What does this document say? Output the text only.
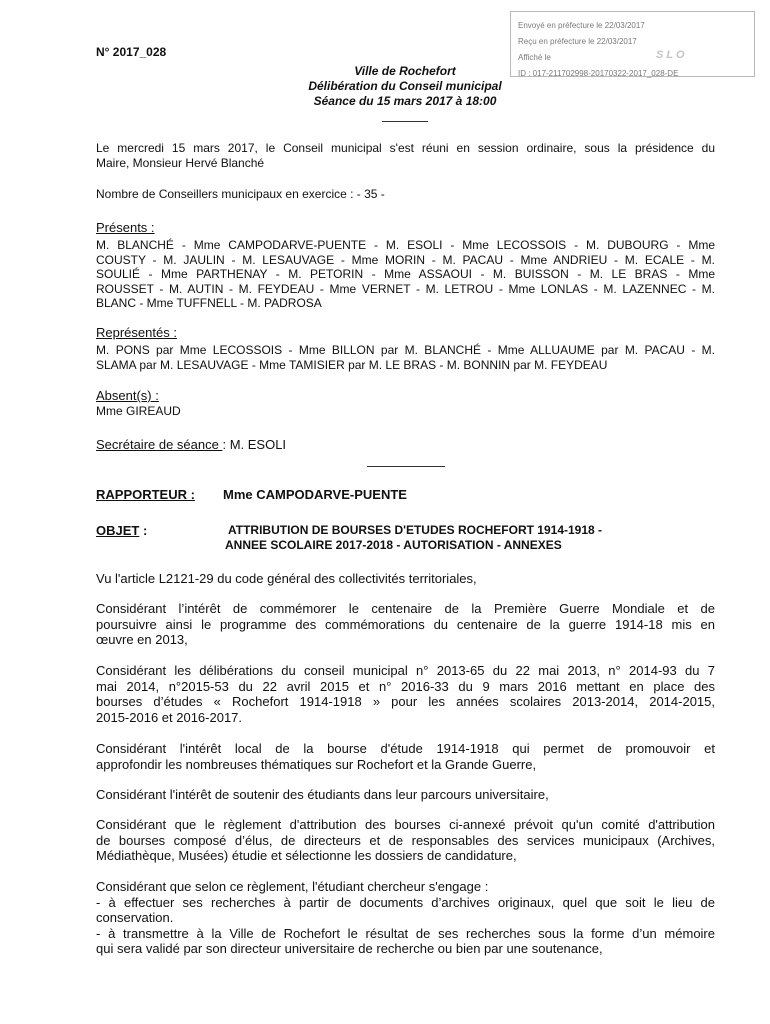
Envoyé en préfecture le 22/03/2017
Reçu en préfecture le 22/03/2017
Affiché le	SLO
ID : 017-211702998-20170322-2017_028-DE
N° 2017_028
Ville de Rochefort
Délibération du Conseil municipal
Séance du 15 mars 2017 à 18:00
Le mercredi 15 mars 2017, le Conseil municipal s'est réuni en session ordinaire, sous la présidence du
Maire, Monsieur Hervé Blanché
Nombre de Conseillers municipaux en exercice : - 35 -
Présents :
M. BLANCHÉ - Mme CAMPODARVE-PUENTE - M. ESOLI - Mme LECOSSOIS - M. DUBOURG - Mme
COUSTY - M. JAULIN - M. LESAUVAGE - Mme MORIN - M. PACAU - Mme ANDRIEU - M. ECALE - M.
SOULIÉ - Mme PARTHENAY - M. PETORIN - Mme ASSAOUI - M. BUISSON - M. LE BRAS - Mme
ROUSSET - M. AUTIN - M. FEYDEAU - Mme VERNET - M. LETROU - Mme LONLAS - M. LAZENNEC - M.
BLANC - Mme TUFFNELL - M. PADROSA
Représentés :
M. PONS par Mme LECOSSOIS - Mme BILLON par M. BLANCHÉ - Mme ALLUAUME par M. PACAU - M.
SLAMA par M. LESAUVAGE - Mme TAMISIER par M. LE BRAS - M. BONNIN par M. FEYDEAU
Absent(s) :
Mme GIREAUD
Secrétaire de séance : M. ESOLI
RAPPORTEUR : Mme CAMPODARVE-PUENTE
OBJET :	ATTRIBUTION DE BOURSES D'ETUDES ROCHEFORT 1914-1918 -
ANNEE SCOLAIRE 2017-2018 - AUTORISATION - ANNEXES
Vu l'article L2121-29 du code général des collectivités territoriales,
Considérant l’intérêt de commémorer le centenaire de la Première Guerre Mondiale et de
poursuivre ainsi le programme des commémorations du centenaire de la guerre 1914-18 mis en
œuvre en 2013,
Considérant les délibérations du conseil municipal n° 2013-65 du 22 mai 2013, n° 2014-93 du 7
mai 2014, n°2015-53 du 22 avril 2015 et n° 2016-33 du 9 mars 2016 mettant en place des
bourses d’études « Rochefort 1914-1918 » pour les années scolaires 2013-2014, 2014-2015,
2015-2016 et 2016-2017.
Considérant l'intérêt local de la bourse d'étude 1914-1918 qui permet de promouvoir et
approfondir les nombreuses thématiques sur Rochefort et la Grande Guerre,
Considérant l'intérêt de soutenir des étudiants dans leur parcours universitaire,
Considérant que le règlement d'attribution des bourses ci-annexé prévoit qu'un comité d'attribution
de bourses composé d’élus, de directeurs et de responsables des services municipaux (Archives,
Médiathèque, Musées) étudie et sélectionne les dossiers de candidature,
Considérant que selon ce règlement, l'étudiant chercheur s'engage :
- à effectuer ses recherches à partir de documents d’archives originaux, quel que soit le lieu de
conservation.
- à transmettre à la Ville de Rochefort le résultat de ses recherches sous la forme d’un mémoire
qui sera validé par son directeur universitaire de recherche ou bien par une soutenance,
